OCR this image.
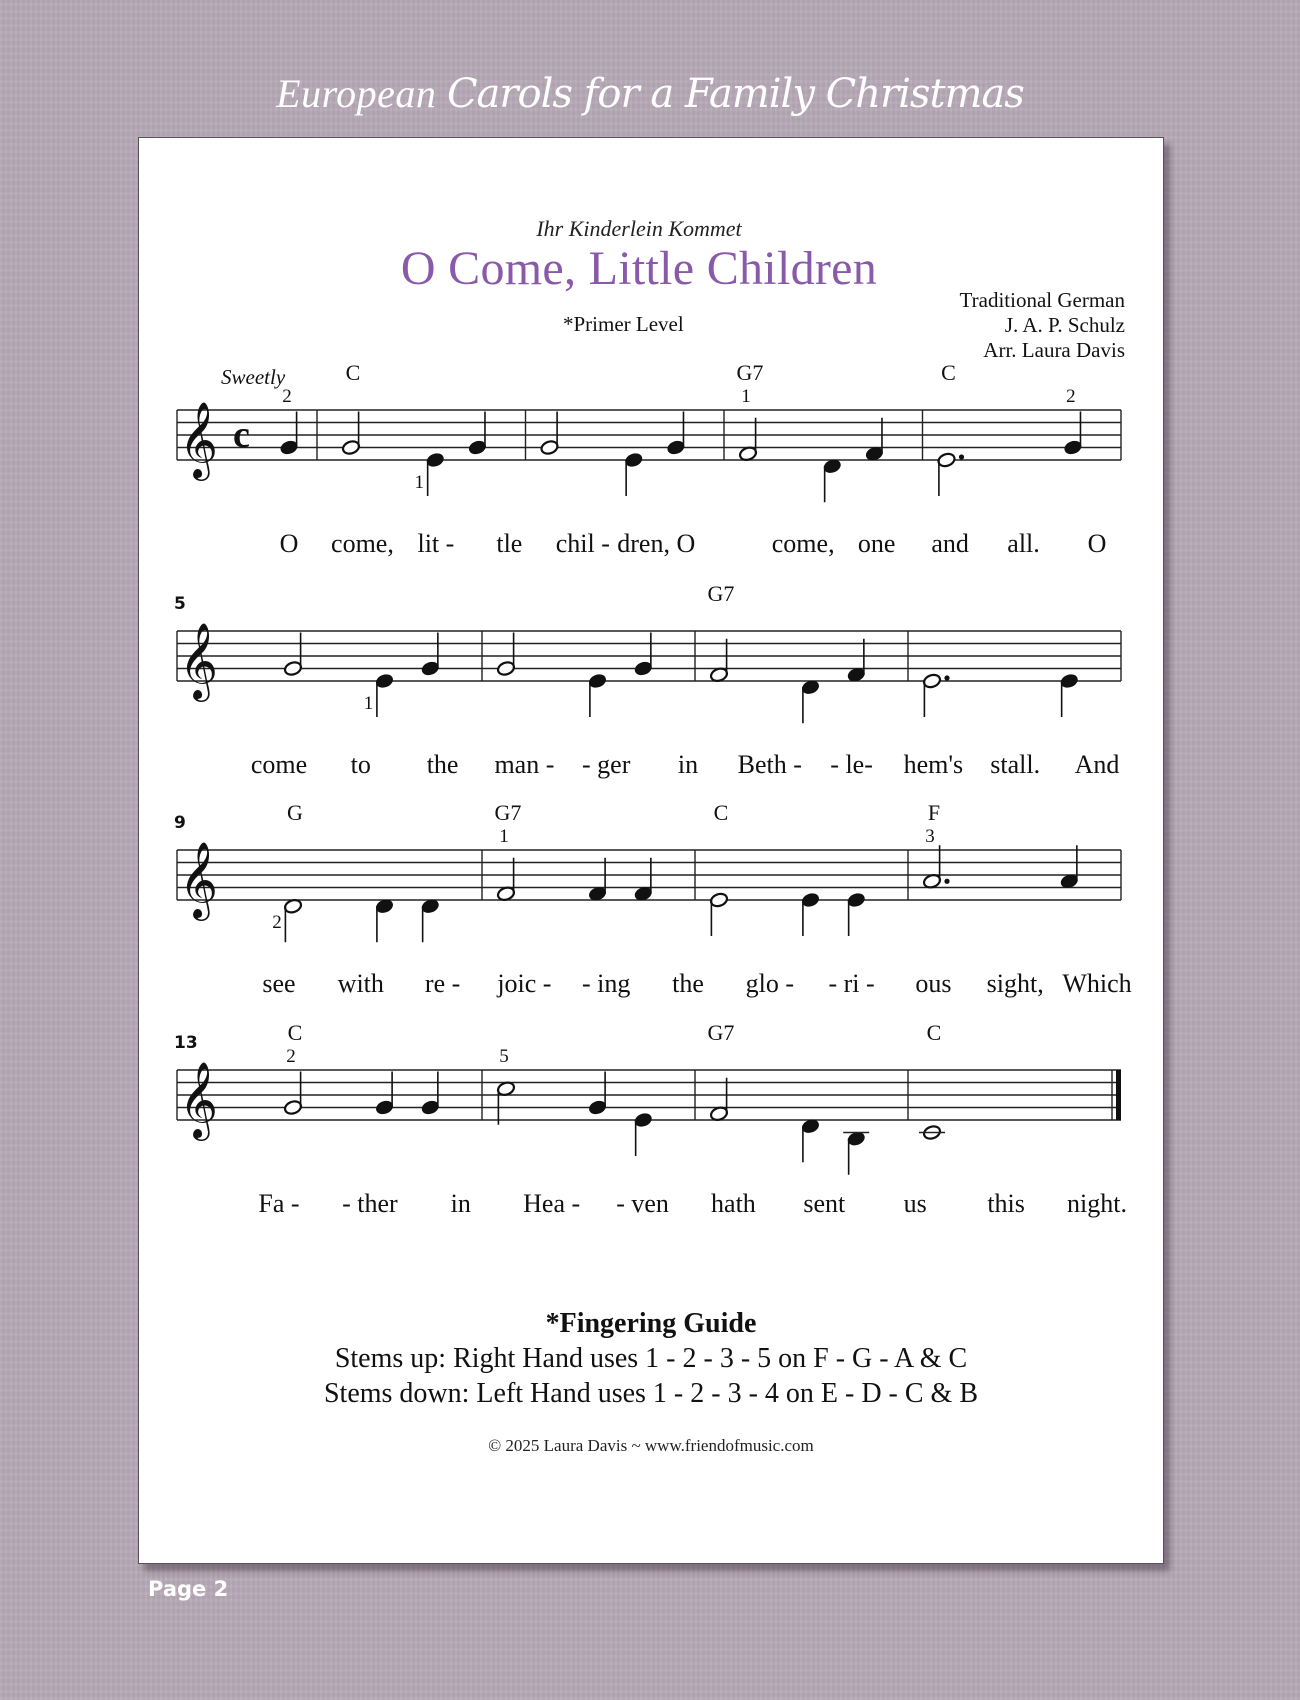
European Carols for a Family Christmas
Ihr Kinderlein Kommet
O Come, Little Children
*Primer Level
Traditional German
J. A. P. Schulz
Arr. Laura Davis
Sweetly
𝄞 c
C	G7	C
2
1
1	2
O come, lit - tle chil - dren, O	come, one and all. O
𝄞
5	G7
1
come to the man - - ger in Beth - - le- hem's stall. And
𝄞
9	G	G7	C	F
2
1	3
see with re - joic - - ing the glo - - ri - ous sight, Which
𝄞
13	C	G7	C
2	5
Fa - - ther in Hea - - ven hath sent us this night.
*Fingering Guide
Stems up: Right Hand uses 1 - 2 - 3 - 5 on F - G - A & C
Stems down: Left Hand uses 1 - 2 - 3 - 4 on E - D - C & B
© 2025 Laura Davis ~ www.friendofmusic.com
Page 2
